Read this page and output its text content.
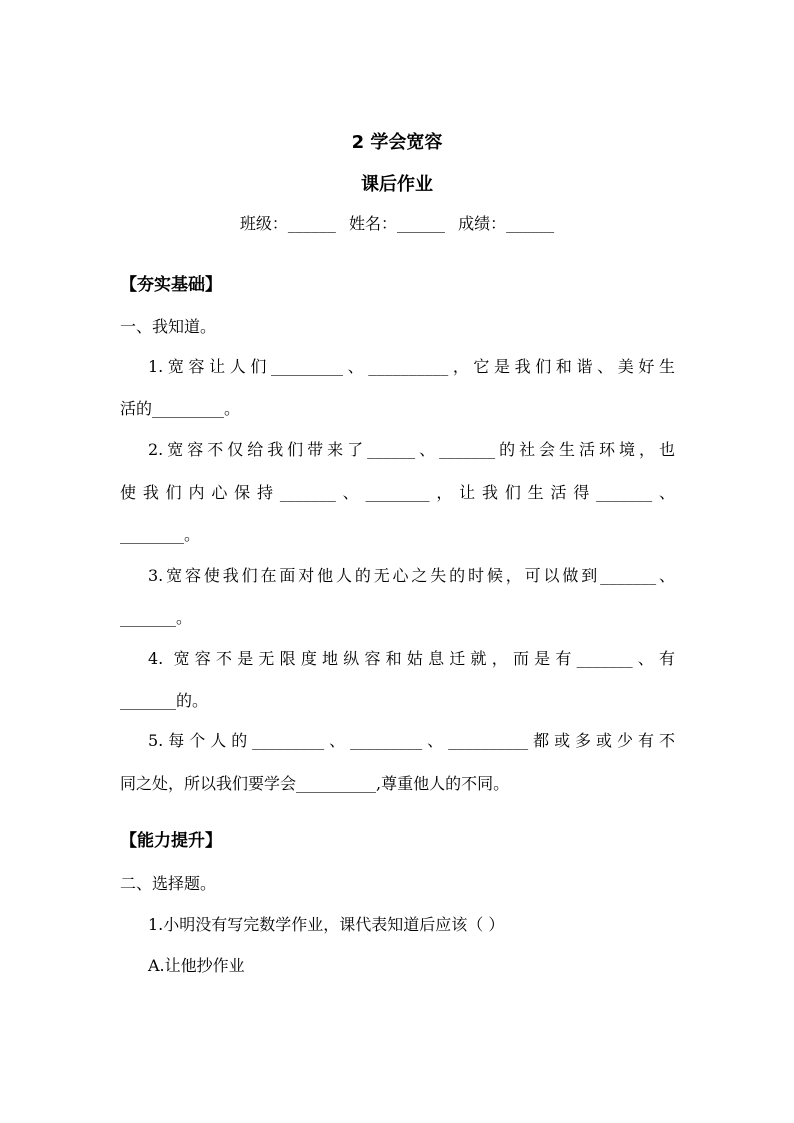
2 学会宽容
课后作业
班级：______ 姓名：______ 成绩：______
【夯实基础】
一、我知道。
1.宽容让人们_________、__________，它是我们和谐、美好生
活的_________。
2.宽容不仅给我们带来了______、_______的社会生活环境，也
使我们内心保持_______、________，让我们生活得_______、
________。
3.宽容使我们在面对他人的无心之失的时候，可以做到_______、
_______。
4. 宽容不是无限度地纵容和姑息迁就，而是有_______、有
_______的。
5.每个人的_________、_________、__________都或多或少有不
同之处，所以我们要学会__________,尊重他人的不同。
【能力提升】
二、选择题。
1.小明没有写完数学作业，课代表知道后应该（ ）
A.让他抄作业
